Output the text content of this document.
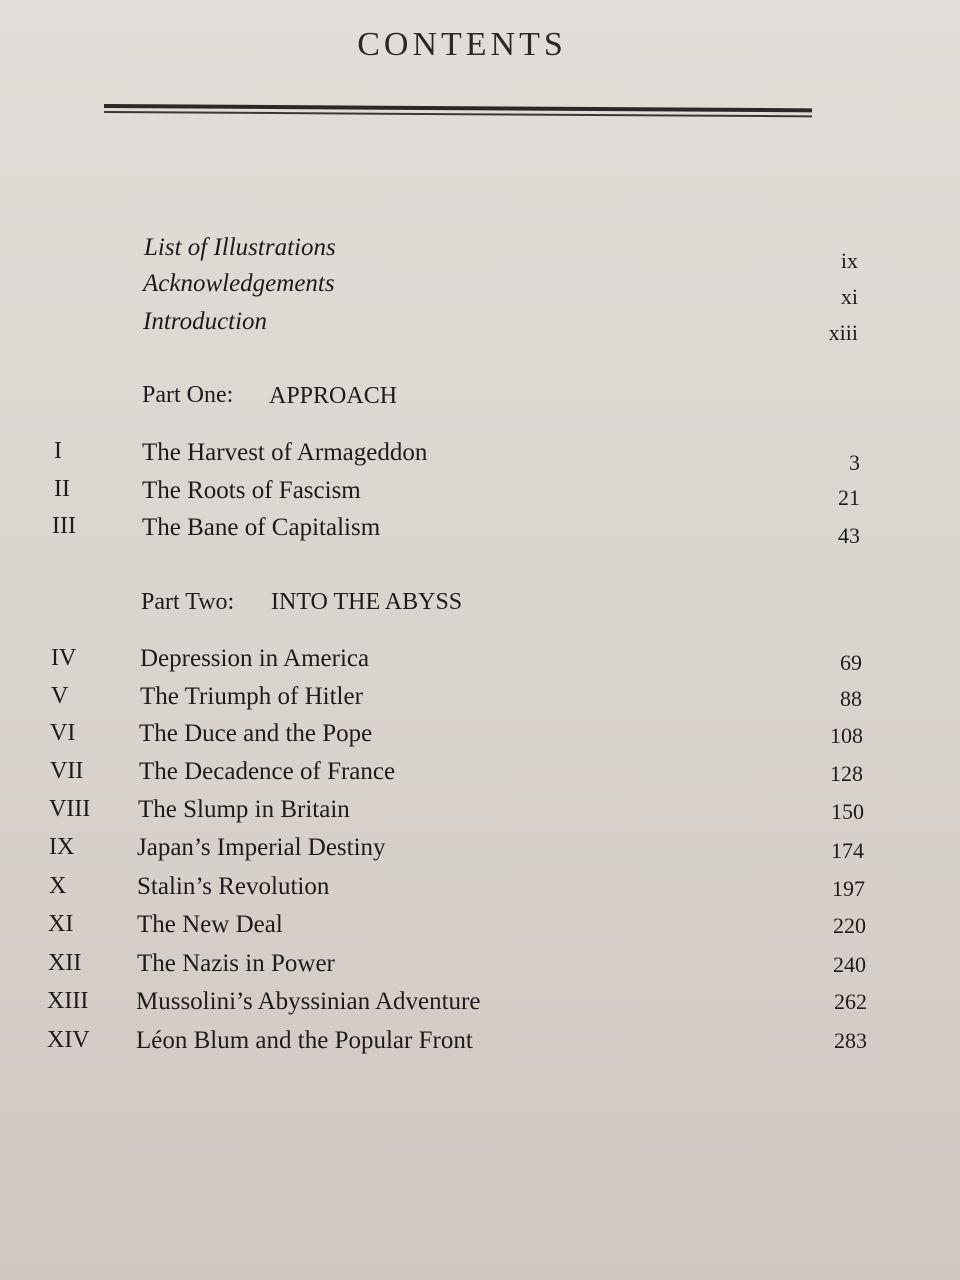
CONTENTS
List of Illustrations	ix
Acknowledgements	xi
Introduction	xiii
Part One: APPROACH
I	The Harvest of Armageddon	3
II	The Roots of Fascism	21
III	The Bane of Capitalism	43
Part Two: INTO THE ABYSS
IV	Depression in America	69
V	The Triumph of Hitler	88
VI	The Duce and the Pope	108
VII	The Decadence of France	128
VIII	The Slump in Britain	150
IX	Japan’s Imperial Destiny	174
X	Stalin’s Revolution	197
XI	The New Deal	220
XII	The Nazis in Power	240
XIII	Mussolini’s Abyssinian Adventure	262
XIV	Léon Blum and the Popular Front	283
